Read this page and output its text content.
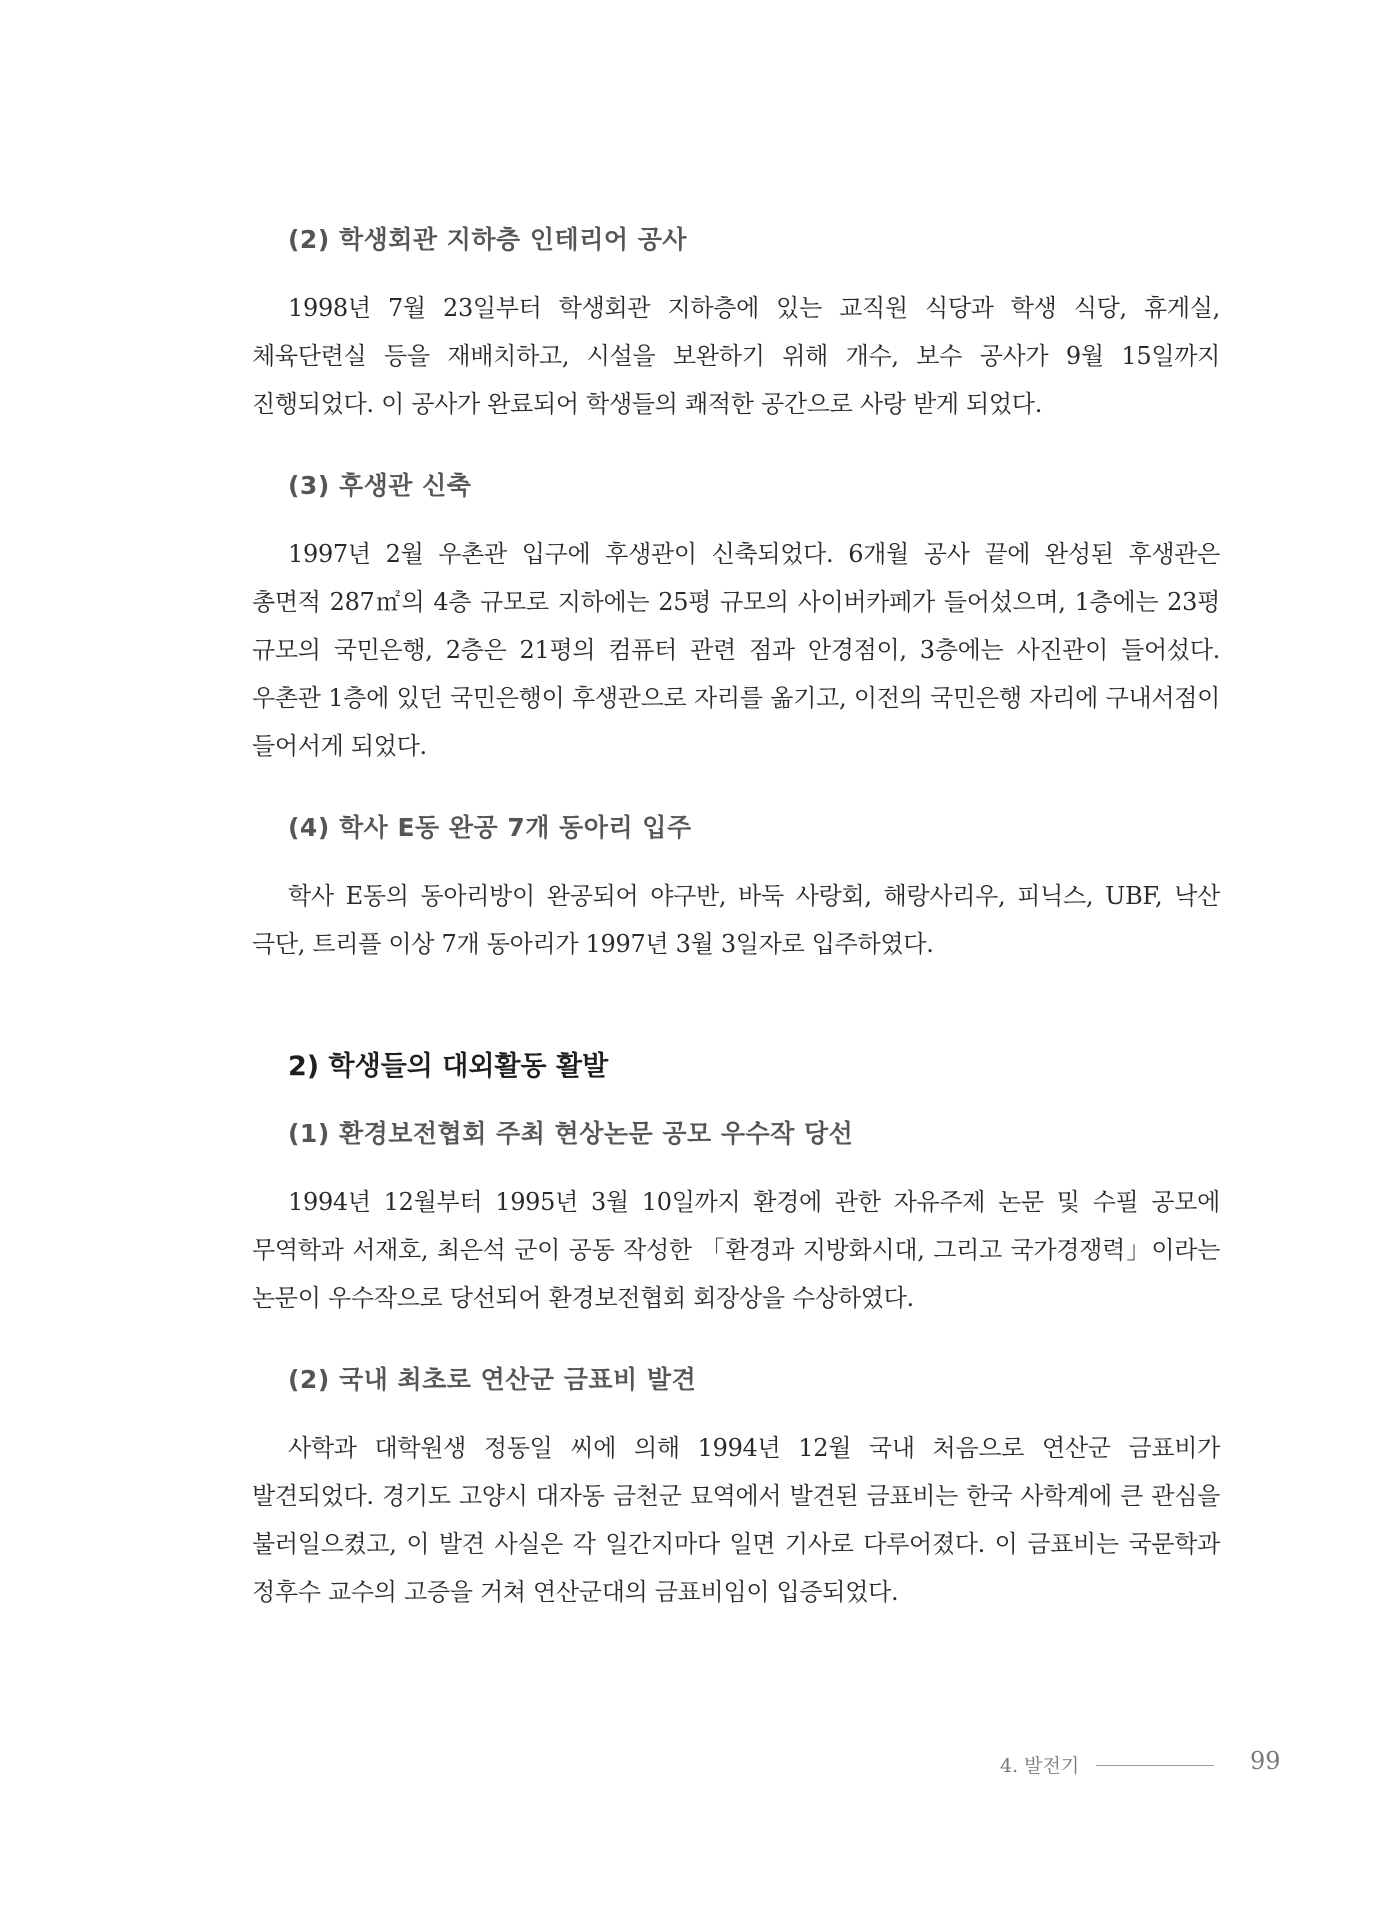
(2) 학생회관 지하층 인테리어 공사

1998년 7월 23일부터 학생회관 지하층에 있는 교직원 식당과 학생 식당, 휴게실, 체육단련실 등을 재배치하고, 시설을 보완하기 위해 개수, 보수 공사가 9월 15일까지 진행되었다. 이 공사가 완료되어 학생들의 쾌적한 공간으로 사랑 받게 되었다.

(3) 후생관 신축

1997년 2월 우촌관 입구에 후생관이 신축되었다. 6개월 공사 끝에 완성된 후생관은 총면적 287㎡의 4층 규모로 지하에는 25평 규모의 사이버카페가 들어섰으며, 1층에는 23평 규모의 국민은행, 2층은 21평의 컴퓨터 관련 점과 안경점이, 3층에는 사진관이 들어섰다. 우촌관 1층에 있던 국민은행이 후생관으로 자리를 옮기고, 이전의 국민은행 자리에 구내서점이 들어서게 되었다.

(4) 학사 E동 완공 7개 동아리 입주

학사 E동의 동아리방이 완공되어 야구반, 바둑 사랑회, 해랑사리우, 피닉스, UBF, 낙산 극단, 트리플 이상 7개 동아리가 1997년 3월 3일자로 입주하였다.

2) 학생들의 대외활동 활발
(1) 환경보전협회 주최 현상논문 공모 우수작 당선

1994년 12월부터 1995년 3월 10일까지 환경에 관한 자유주제 논문 및 수필 공모에 무역학과 서재호, 최은석 군이 공동 작성한 「환경과 지방화시대, 그리고 국가경쟁력」이라는 논문이 우수작으로 당선되어 환경보전협회 회장상을 수상하였다.

(2) 국내 최초로 연산군 금표비 발견

사학과 대학원생 정동일 씨에 의해 1994년 12월 국내 처음으로 연산군 금표비가 발견되었다. 경기도 고양시 대자동 금천군 묘역에서 발견된 금표비는 한국 사학계에 큰 관심을 불러일으켰고, 이 발견 사실은 각 일간지마다 일면 기사로 다루어졌다. 이 금표비는 국문학과 정후수 교수의 고증을 거쳐 연산군대의 금표비임이 입증되었다.

4. 발전기	99
